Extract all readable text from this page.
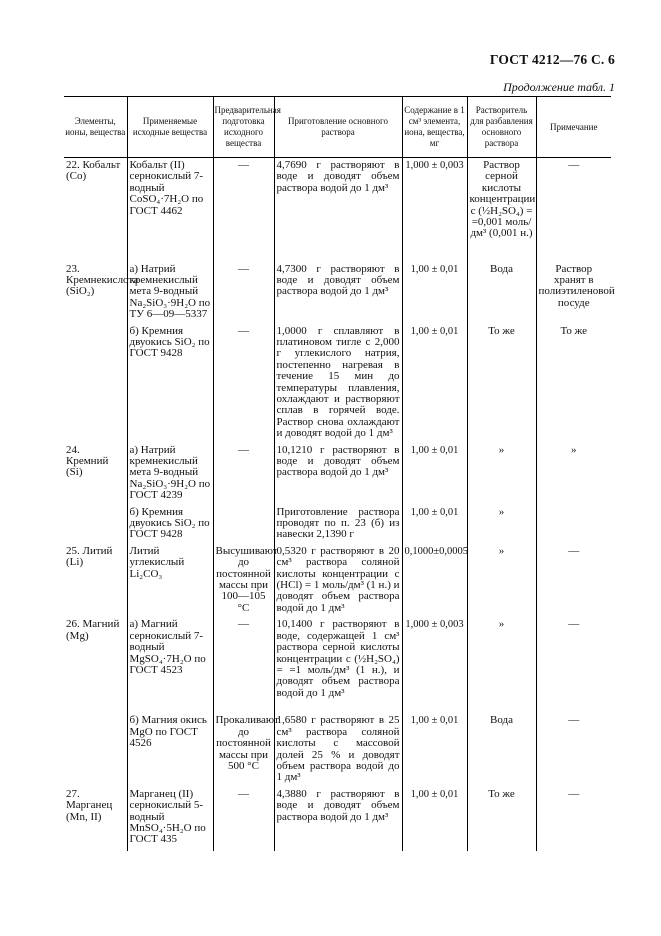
ГОСТ 4212—76 С. 6
Продолжение табл. 1
Элементы, ионы, вещества	Применяемые исходные вещества	Предварительная подготовка исходного вещества	Приготовление основного раствора	Содержание в 1 см³ элемента, иона, вещества, мг	Растворитель для разбавления основного раствора	Примечание
22. Кобальт (Co)	Кобальт (II) сернокислый 7-водный CoSO₄·7H₂O по ГОСТ 4462	—	4,7690 г растворяют в воде и доводят объем раствора водой до 1 дм³	1,000 ± 0,003	Раствор серной кислоты концентрации c (½H₂SO₄) = =0,001 моль/дм³ (0,001 н.)	—
23. Кремнекислота (SiO₂)	а) Натрий кремнекислый мета 9-водный Na₂SiO₃·9H₂O по ТУ 6—09—5337	—	4,7300 г растворяют в воде и доводят объем раствора водой до 1 дм³	1,00 ± 0,01	Вода	Раствор хранят в полиэтиленовой посуде
	б) Кремния двуокись SiO₂ по ГОСТ 9428	—	1,0000 г сплавляют в платиновом тигле с 2,000 г углекислого натрия, постепенно нагревая в течение 15 мин до температуры плавления, охлаждают и растворяют сплав в горячей воде. Раствор снова охлаждают и доводят водой до 1 дм³	1,00 ± 0,01	То же	То же
24. Кремний (Si)	а) Натрий кремнекислый мета 9-водный Na₂SiO₃·9H₂O по ГОСТ 4239	—	10,1210 г растворяют в воде и доводят объем раствора водой до 1 дм³	1,00 ± 0,01	»	»
	б) Кремния двуокись SiO₂ по ГОСТ 9428		Приготовление раствора проводят по п. 23 (б) из навески 2,1390 г	1,00 ± 0,01	»	
25. Литий (Li)	Литий углекислый Li₂CO₃	Высушивают до постоянной массы при 100—105 °С	0,5320 г растворяют в 20 см³ раствора соляной кислоты концентрации c (HCl) = 1 моль/дм³ (1 н.) и доводят объем раствора водой до 1 дм³	0,1000±0,0005	»	—
26. Магний (Mg)	а) Магний сернокислый 7-водный MgSO₄·7H₂O по ГОСТ 4523	—	10,1400 г растворяют в воде, содержащей 1 см³ раствора серной кислоты концентрации c (½H₂SO₄) = =1 моль/дм³ (1 н.), и доводят объем раствора водой до 1 дм³	1,000 ± 0,003	»	—
	б) Магния окись MgO по ГОСТ 4526	Прокаливают до постоянной массы при 500 °С	1,6580 г растворяют в 25 см³ раствора соляной кислоты с массовой долей 25 % и доводят объем раствора водой до 1 дм³	1,00 ± 0,01	Вода	—
27. Марганец (Mn, II)	Марганец (II) сернокислый 5-водный MnSO₄·5H₂O по ГОСТ 435	—	4,3880 г растворяют в воде и доводят объем раствора водой до 1 дм³	1,00 ± 0,01	То же	—
